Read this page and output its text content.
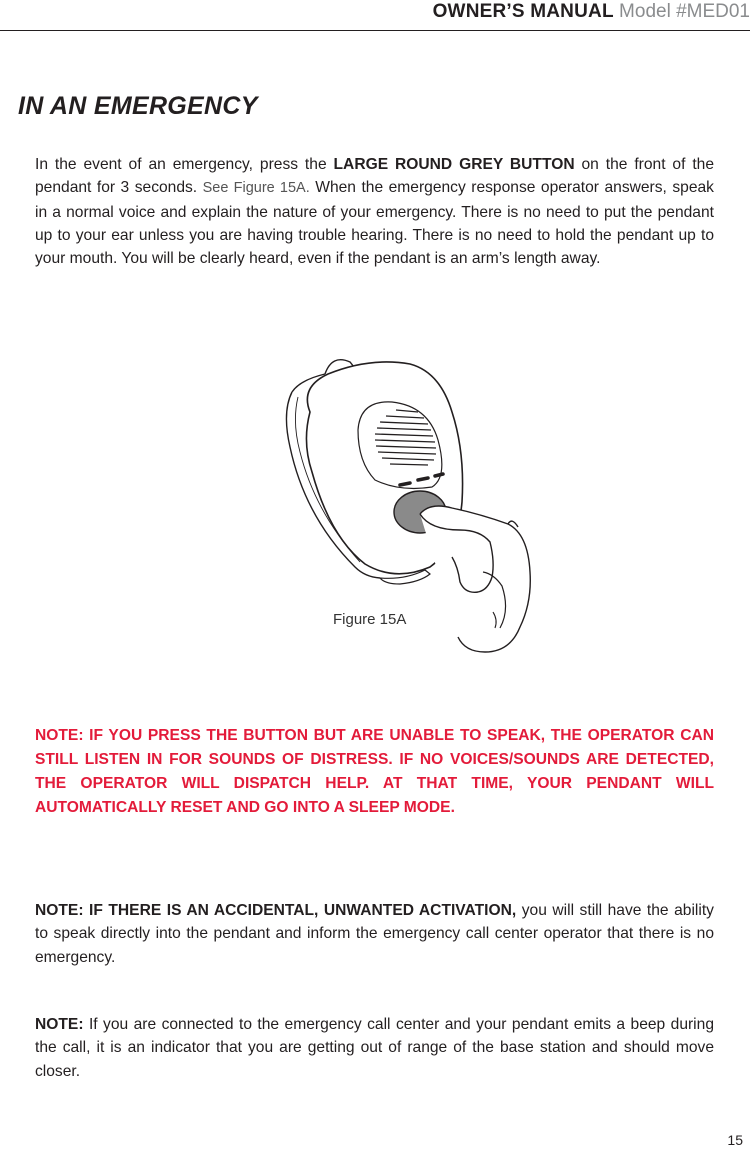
OWNER’S MANUAL Model #MED01
IN AN EMERGENCY

In the event of an emergency, press the LARGE ROUND GREY BUTTON on the front of the pendant for 3 seconds. See Figure 15A. When the emergency response operator answers, speak in a normal voice and explain the nature of your emergency. There is no need to put the pendant up to your ear unless you are having trouble hearing. There is no need to hold the pendant up to your mouth. You will be clearly heard, even if the pendant is an arm’s length away.

Figure 15A

NOTE: IF YOU PRESS THE BUTTON BUT ARE UNABLE TO SPEAK, THE OPERATOR CAN STILL LISTEN IN FOR SOUNDS OF DISTRESS. IF NO VOICES/SOUNDS ARE DETECTED, THE OPERATOR WILL DISPATCH HELP. AT THAT TIME, YOUR PENDANT WILL AUTOMATICALLY RESET AND GO INTO A SLEEP MODE.

NOTE: IF THERE IS AN ACCIDENTAL, UNWANTED ACTIVATION, you will still have the ability to speak directly into the pendant and inform the emergency call center operator that there is no emergency.

NOTE: If you are connected to the emergency call center and your pendant emits a beep during the call, it is an indicator that you are getting out of range of the base station and should move closer.

15
